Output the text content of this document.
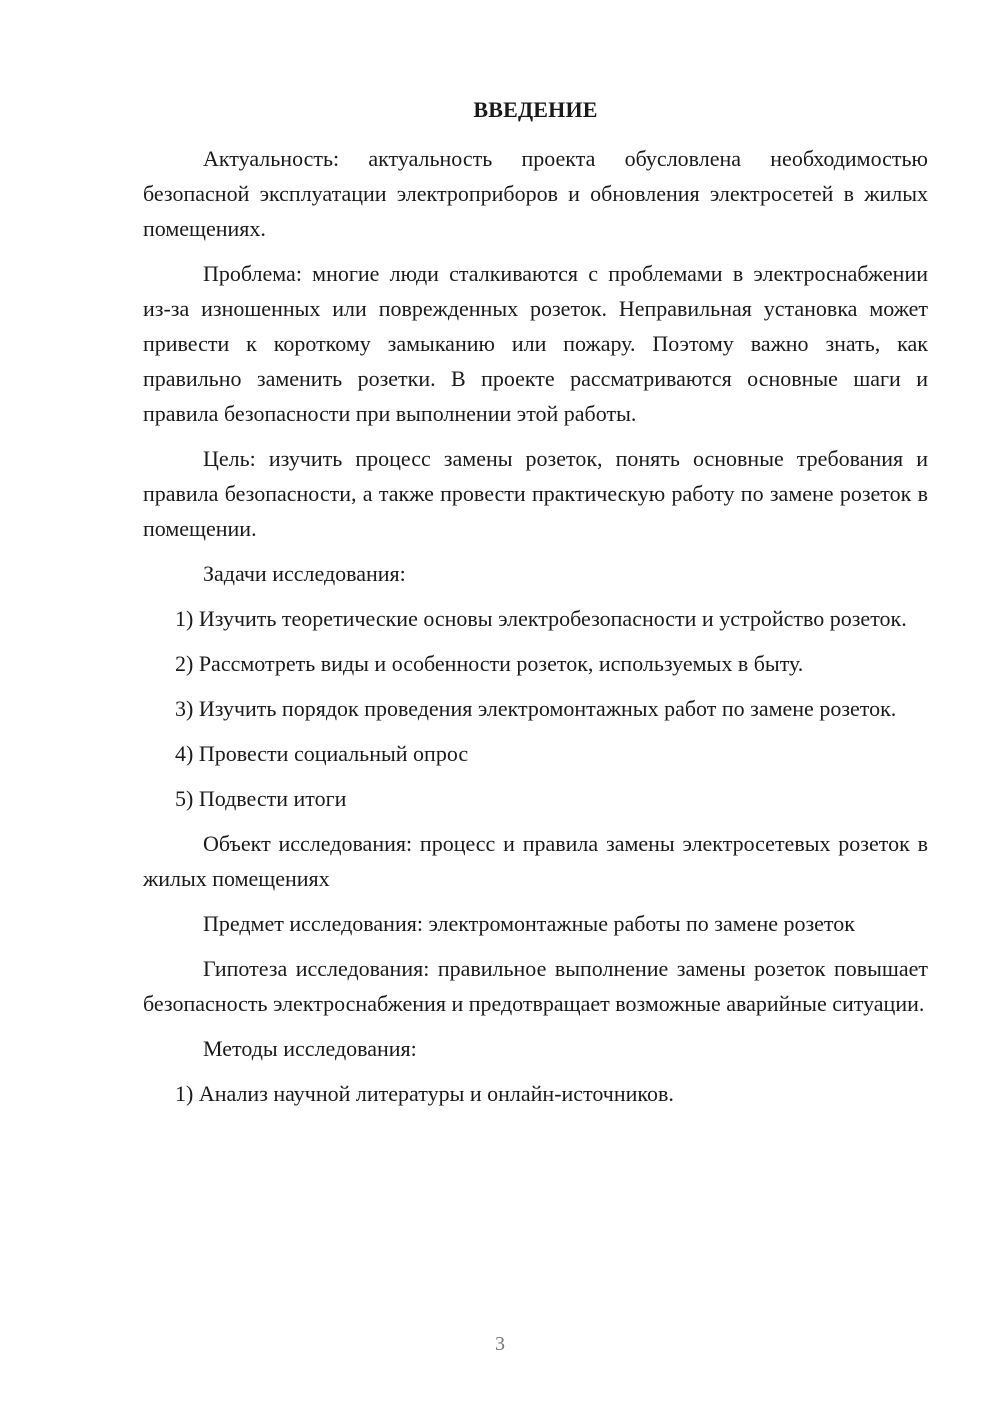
ВВЕДЕНИЕ

Актуальность: актуальность проекта обусловлена необходимостью безопасной эксплуатации электроприборов и обновления электросетей в жилых помещениях.

Проблема: многие люди сталкиваются с проблемами в электроснабжении из-за изношенных или поврежденных розеток. Неправильная установка может привести к короткому замыканию или пожару. Поэтому важно знать, как правильно заменить розетки. В проекте рассматриваются основные шаги и правила безопасности при выполнении этой работы.

Цель: изучить процесс замены розеток, понять основные требования и правила безопасности, а также провести практическую работу по замене розеток в помещении.

Задачи исследования:

1) Изучить теоретические основы электробезопасности и устройство розеток.

2) Рассмотреть виды и особенности розеток, используемых в быту.

3) Изучить порядок проведения электромонтажных работ по замене розеток.

4) Провести социальный опрос

5) Подвести итоги

Объект исследования: процесс и правила замены электросетевых розеток в жилых помещениях

Предмет исследования: электромонтажные работы по замене розеток

Гипотеза исследования: правильное выполнение замены розеток повышает безопасность электроснабжения и предотвращает возможные аварийные ситуации.

Методы исследования:

1) Анализ научной литературы и онлайн-источников.

3
